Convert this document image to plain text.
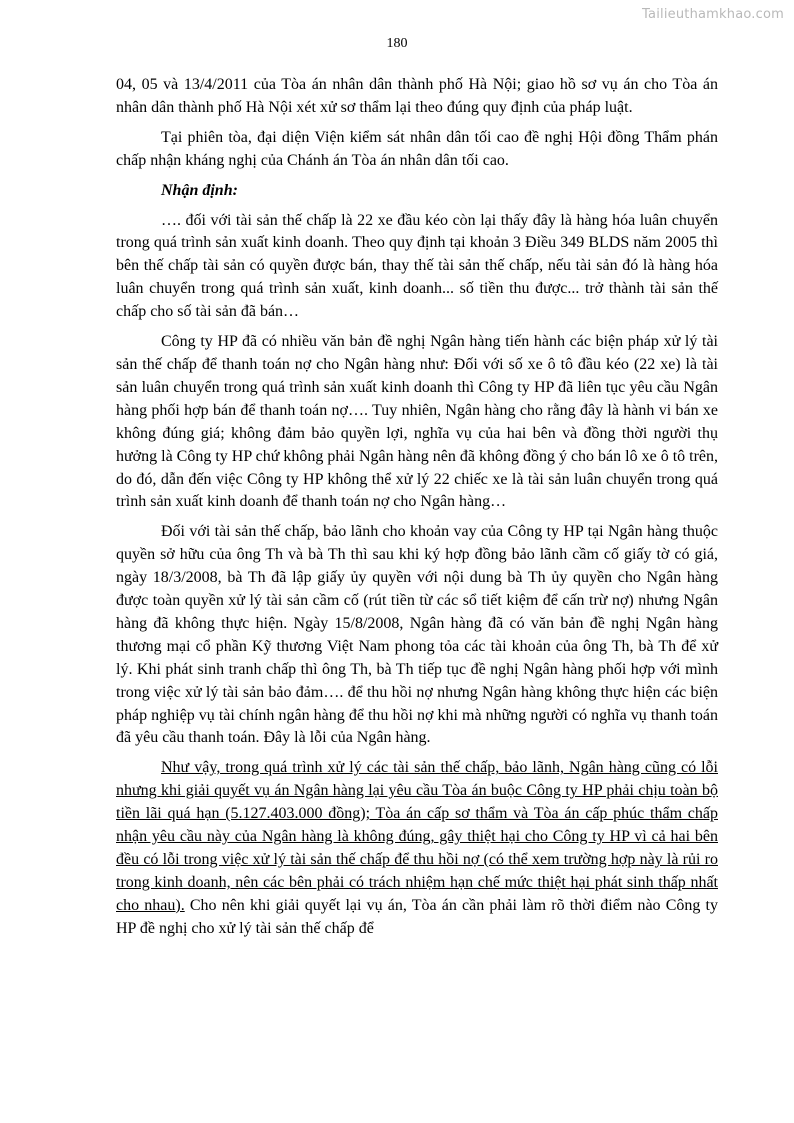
Tailieuthamkhao.com
180

04, 05 và 13/4/2011 của Tòa án nhân dân thành phố Hà Nội; giao hồ sơ vụ án cho Tòa án nhân dân thành phố Hà Nội xét xử sơ thẩm lại theo đúng quy định của pháp luật.

Tại phiên tòa, đại diện Viện kiểm sát nhân dân tối cao đề nghị Hội đồng Thẩm phán chấp nhận kháng nghị của Chánh án Tòa án nhân dân tối cao.

Nhận định:

…. đối với tài sản thế chấp là 22 xe đầu kéo còn lại thấy đây là hàng hóa luân chuyển trong quá trình sản xuất kinh doanh. Theo quy định tại khoản 3 Điều 349 BLDS năm 2005 thì bên thế chấp tài sản có quyền được bán, thay thế tài sản thế chấp, nếu tài sản đó là hàng hóa luân chuyển trong quá trình sản xuất, kinh doanh... số tiền thu được... trở thành tài sản thế chấp cho số tài sản đã bán…

Công ty HP đã có nhiều văn bản đề nghị Ngân hàng tiến hành các biện pháp xử lý tài sản thế chấp để thanh toán nợ cho Ngân hàng như: Đối với số xe ô tô đầu kéo (22 xe) là tài sản luân chuyển trong quá trình sản xuất kinh doanh thì Công ty HP đã liên tục yêu cầu Ngân hàng phối hợp bán để thanh toán nợ…. Tuy nhiên, Ngân hàng cho rằng đây là hành vi bán xe không đúng giá; không đảm bảo quyền lợi, nghĩa vụ của hai bên và đồng thời người thụ hưởng là Công ty HP chứ không phải Ngân hàng nên đã không đồng ý cho bán lô xe ô tô trên, do đó, dẫn đến việc Công ty HP không thể xử lý 22 chiếc xe là tài sản luân chuyển trong quá trình sản xuất kinh doanh để thanh toán nợ cho Ngân hàng…

Đối với tài sản thế chấp, bảo lãnh cho khoản vay của Công ty HP tại Ngân hàng thuộc quyền sở hữu của ông Th và bà Th thì sau khi ký hợp đồng bảo lãnh cầm cố giấy tờ có giá, ngày 18/3/2008, bà Th đã lập giấy ủy quyền với nội dung bà Th ủy quyền cho Ngân hàng được toàn quyền xử lý tài sản cầm cố (rút tiền từ các sổ tiết kiệm để cấn trừ nợ) nhưng Ngân hàng đã không thực hiện. Ngày 15/8/2008, Ngân hàng đã có văn bản đề nghị Ngân hàng thương mại cổ phần Kỹ thương Việt Nam phong tỏa các tài khoản của ông Th, bà Th để xử lý. Khi phát sinh tranh chấp thì ông Th, bà Th tiếp tục đề nghị Ngân hàng phối hợp với mình trong việc xử lý tài sản bảo đảm…. để thu hồi nợ nhưng Ngân hàng không thực hiện các biện pháp nghiệp vụ tài chính ngân hàng để thu hồi nợ khi mà những người có nghĩa vụ thanh toán đã yêu cầu thanh toán. Đây là lỗi của Ngân hàng.

Như vậy, trong quá trình xử lý các tài sản thế chấp, bảo lãnh, Ngân hàng cũng có lỗi nhưng khi giải quyết vụ án Ngân hàng lại yêu cầu Tòa án buộc Công ty HP phải chịu toàn bộ tiền lãi quá hạn (5.127.403.000 đồng); Tòa án cấp sơ thẩm và Tòa án cấp phúc thẩm chấp nhận yêu cầu này của Ngân hàng là không đúng, gây thiệt hại cho Công ty HP vì cả hai bên đều có lỗi trong việc xử lý tài sản thế chấp để thu hồi nợ (có thể xem trường hợp này là rủi ro trong kinh doanh, nên các bên phải có trách nhiệm hạn chế mức thiệt hại phát sinh thấp nhất cho nhau). Cho nên khi giải quyết lại vụ án, Tòa án cần phải làm rõ thời điểm nào Công ty HP đề nghị cho xử lý tài sản thế chấp để
